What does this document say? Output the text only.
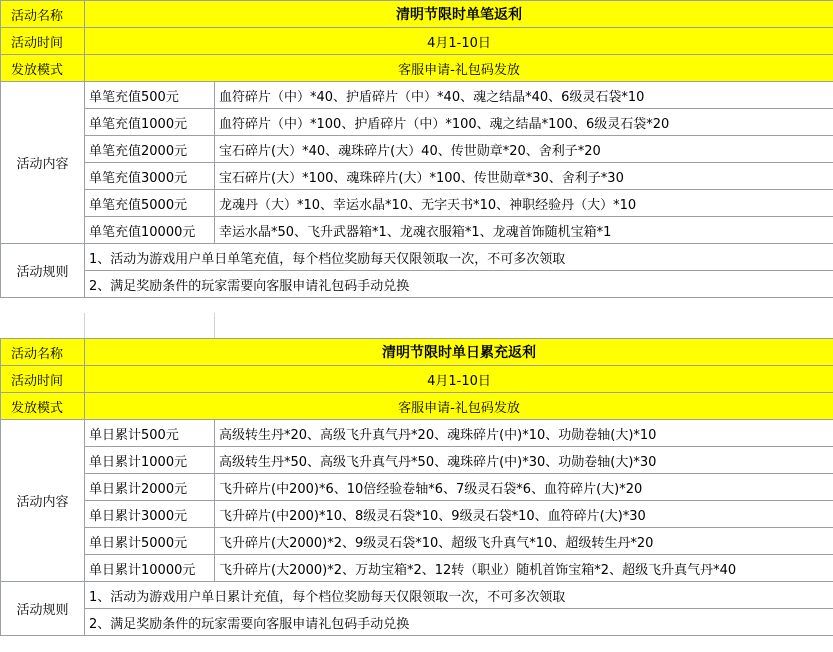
活动名称	清明节限时单笔返利	
活动时间	4月1-10日	
发放模式	客服申请-礼包码发放	
活动内容	单笔充值500元	血符碎片（中）*40、护盾碎片（中）*40、魂之结晶*40、6级灵石袋*10
	单笔充值1000元	血符碎片（中）*100、护盾碎片（中）*100、魂之结晶*100、6级灵石袋*20
	单笔充值2000元	宝石碎片(大）*40、魂珠碎片(大）40、传世勋章*20、舍利子*20
	单笔充值3000元	宝石碎片(大）*100、魂珠碎片(大）*100、传世勋章*30、舍利子*30
	单笔充值5000元	龙魂丹（大）*10、幸运水晶*10、无字天书*10、神职经验丹（大）*10
	单笔充值10000元	幸运水晶*50、飞升武器箱*1、龙魂衣服箱*1、龙魂首饰随机宝箱*1
活动规则	1、活动为游戏用户单日单笔充值，每个档位奖励每天仅限领取一次，不可多次领取	
	2、满足奖励条件的玩家需要向客服申请礼包码手动兑换	
活动名称	清明节限时单日累充返利	
活动时间	4月1-10日	
发放模式	客服申请-礼包码发放	
活动内容	单日累计500元	高级转生丹*20、高级飞升真气丹*20、魂珠碎片(中)*10、功勋卷轴(大)*10
	单日累计1000元	高级转生丹*50、高级飞升真气丹*50、魂珠碎片(中)*30、功勋卷轴(大)*30
	单日累计2000元	飞升碎片(中200)*6、10倍经验卷轴*6、7级灵石袋*6、血符碎片(大)*20
	单日累计3000元	飞升碎片(中200)*10、8级灵石袋*10、9级灵石袋*10、血符碎片(大)*30
	单日累计5000元	飞升碎片(大2000)*2、9级灵石袋*10、超级飞升真气*10、超级转生丹*20
	单日累计10000元	飞升碎片(大2000)*2、万劫宝箱*2、12转（职业）随机首饰宝箱*2、超级飞升真气丹*40
活动规则	1、活动为游戏用户单日累计充值，每个档位奖励每天仅限领取一次，不可多次领取	
	2、满足奖励条件的玩家需要向客服申请礼包码手动兑换	
